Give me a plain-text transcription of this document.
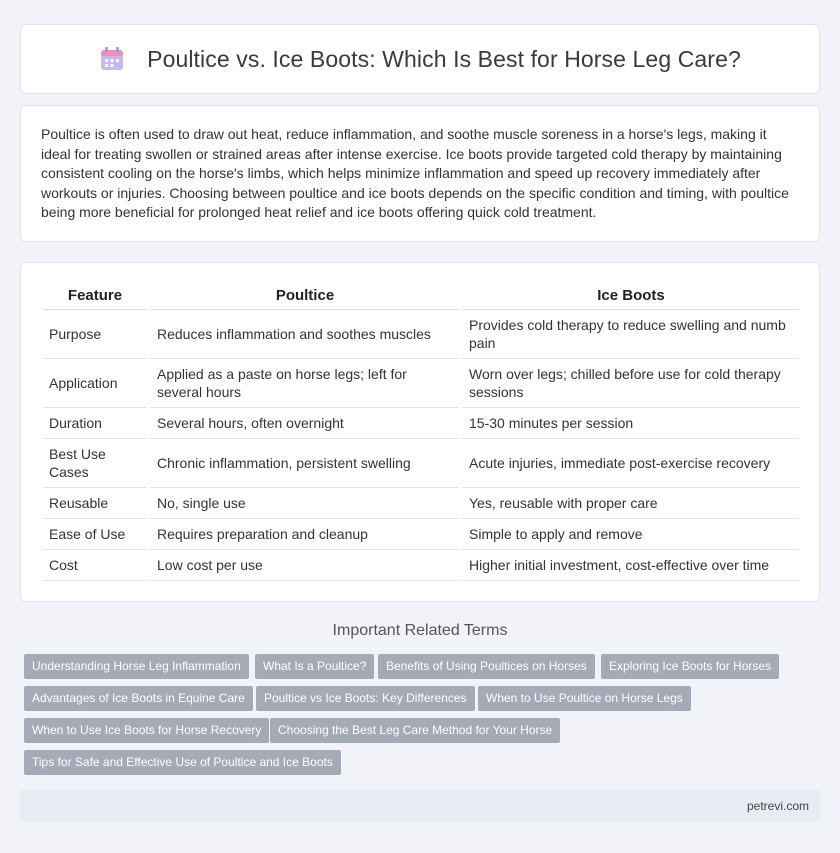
Poultice vs. Ice Boots: Which Is Best for Horse Leg Care?

Poultice is often used to draw out heat, reduce inflammation, and soothe muscle soreness in a horse's legs, making it ideal for treating swollen or strained areas after intense exercise. Ice boots provide targeted cold therapy by maintaining consistent cooling on the horse's limbs, which helps minimize inflammation and speed up recovery immediately after workouts or injuries. Choosing between poultice and ice boots depends on the specific condition and timing, with poultice being more beneficial for prolonged heat relief and ice boots offering quick cold treatment.

Feature	Poultice	Ice Boots
Purpose	Reduces inflammation and soothes muscles	Provides cold therapy to reduce swelling and numb pain
Application	Applied as a paste on horse legs; left for several hours	Worn over legs; chilled before use for cold therapy sessions
Duration	Several hours, often overnight	15-30 minutes per session
Best Use Cases	Chronic inflammation, persistent swelling	Acute injuries, immediate post-exercise recovery
Reusable	No, single use	Yes, reusable with proper care
Ease of Use	Requires preparation and cleanup	Simple to apply and remove
Cost	Low cost per use	Higher initial investment, cost-effective over time
Important Related Terms
Understanding Horse Leg Inflammation	What Is a Poultice?	Benefits of Using Poultices on Horses	Exploring Ice Boots for Horses
Advantages of Ice Boots in Equine Care	Poultice vs Ice Boots: Key Differences	When to Use Poultice on Horse Legs
When to Use Ice Boots for Horse Recovery	Choosing the Best Leg Care Method for Your Horse
Tips for Safe and Effective Use of Poultice and Ice Boots
petrevi.com
